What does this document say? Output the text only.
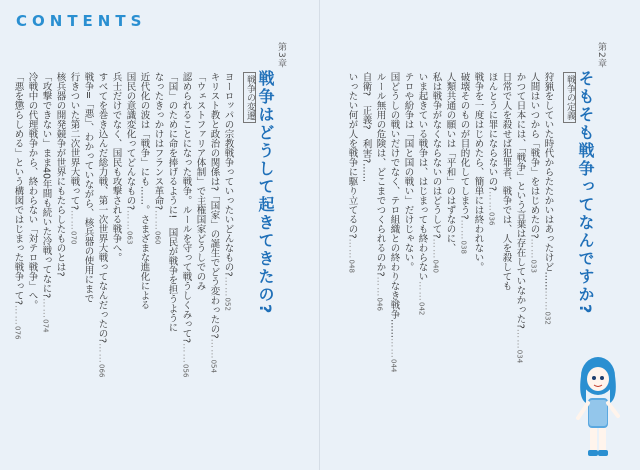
CONTENTS
第2章
そもそも戦争ってなんですか?
戦争の定義
狩猟をしていた時代からたたかいはあったけど…………032
人間はいつから「戦争」をはじめたの?……033
かつて日本には、「戦争」という言葉は存在していなかった?……034
日常で人を殺せば犯罪者、戦争では、人を殺しても
ほんとうに罪にならないの?……036
戦争を一度はじめたら、簡単には終われない。
破壊そのものが目的化してしまう?……038
人類共通の願いは「平和」のはずなのに、
私は戦争がなくならないのはどうして?……040
いま起きている戦争は、はじまっても終わらない……042
テロや紛争は「国と国の戦い」だけじゃない。
国どうしの戦いだけでなく、テロ組織との終わりなき戦争…………044
ルール無用の危険は、どこまでつくられるのか?……046
自衛?　正義?　利害?……
いったい何が人を戦争に駆り立てるの?……048
第3章
戦争はどうして起きてきたの?
戦争の変遷
ヨーロッパの宗教戦争っていったいどんなもの?……052
キリスト教と政治の関係は?「国家」の誕生でどう変わったの?……054
「ウェストファリア体制」で主権国家どうしでのみ
認められることになった戦争。ルールを守って戦うしくみって?……056
「国」のために命を捧げるように!　国民が戦争を担うように
なったきっかけはフランス革命?……060
近代化の波は「戦争」にも……。さまざまな進化による
国民の意識変化ってどんなもの?……063
兵士だけでなく、国民も攻撃される戦争へ。
すべてを巻き込んだ総力戦、第一次世界大戦ってなんだったの?……066
戦争=「悪」、わかっていながら、核兵器の使用にまで
行きついた第二次世界大戦って?……070
核兵器の開発競争が世界にもたらしたものとは?
「攻撃できない」まま40年間も続いた冷戦ってなに?……074
冷戦中の代理戦争から、終わらない「対テロ戦争」へ。
「悪を懲らしめる」という構図ではじまった戦争って?……076
